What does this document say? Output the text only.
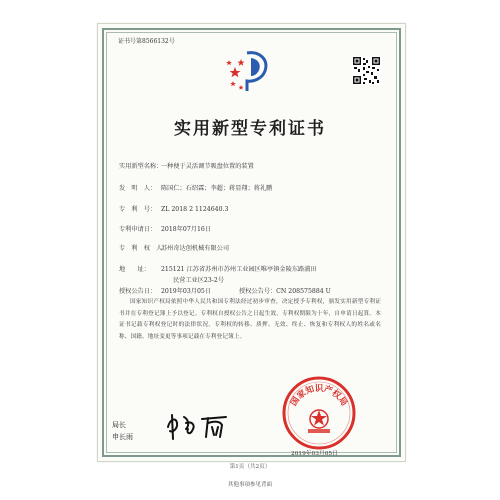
证书号第8566132号
实用新型专利证书
实用新型名称：一种便于灵活调节吸盘位置的装置
发　明　人： 陈国仁；石绍霖；李超；蒋显翔；蒋礼鹏
专　利　号： ZL 2018 2 1124640.3
专利申请日： 2018年07月16日
专　利　权　人：苏州奇达创机械有限公司
地　　址： 215121 江苏省苏州市苏州工业园区唯亭镇金陵东路浦田
民营工业区23-2号
授权公告日： 2019年03月05日	授权公告号：CN 208575884 U
国家知识产权局依照中华人民共和国专利法经过初步审查，决定授予专利权，颁发实用新型专利证书并在专利登记簿上予以登记。专利权自授权公告之日起生效。专利权期限为十年，自申请日起算。本证书记载专利权登记时的法律状况。专利权的转移、质押、无效、终止、恢复和专利权人的姓名或名称、国籍、地址变更等事项记载在专利登记簿上。
国家知识产权局
局长
申长雨
2019年03月05日
第1页（共2页）
其他事项参见背面
